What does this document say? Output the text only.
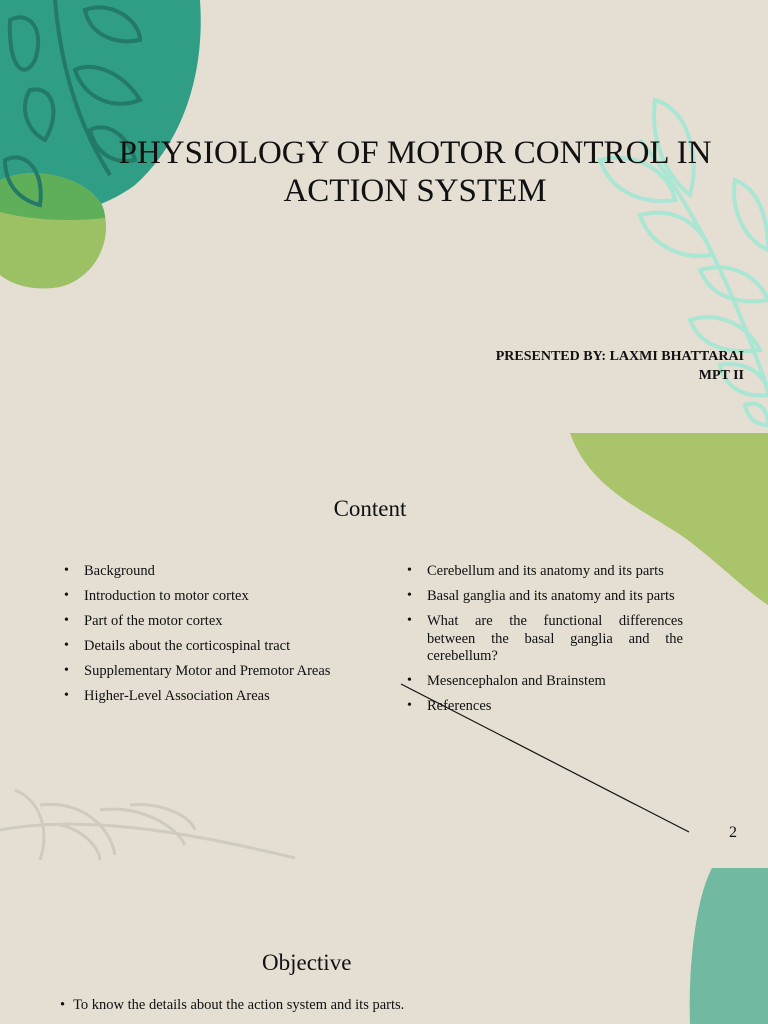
PHYSIOLOGY OF MOTOR CONTROL IN
ACTION SYSTEM
PRESENTED BY: LAXMI BHATTARAI
MPT II
Content
• Background
• Introduction to motor cortex
• Part of the motor cortex
• Details about the corticospinal tract
• Supplementary Motor and Premotor Areas
• Higher-Level Association Areas
• Cerebellum and its anatomy and its parts
• Basal ganglia and its anatomy and its parts
• What are the functional differences between the basal ganglia and the cerebellum?
• Mesencephalon and Brainstem
• References
2
Objective
• To know the details about the action system and its parts.
